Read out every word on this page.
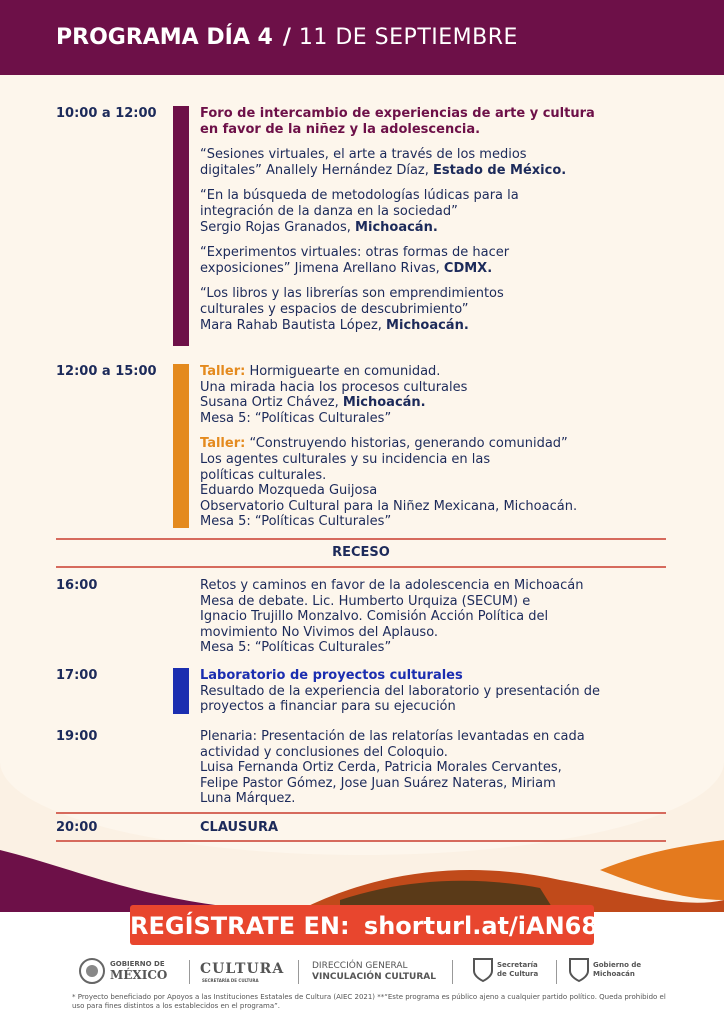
PROGRAMA DÍA 4 / 11 DE SEPTIEMBRE
10:00 a 12:00	Foro de intercambio de experiencias de arte y cultura

en favor de la niñez y la adolescencia.

“Sesiones virtuales, el arte a través de los medios

digitales” Anallely Hernández Díaz, Estado de México.

“En la búsqueda de metodologías lúdicas para la

integración de la danza en la sociedad”

Sergio Rojas Granados, Michoacán.

“Experimentos virtuales: otras formas de hacer

exposiciones” Jimena Arellano Rivas, CDMX.

“Los libros y las librerías son emprendimientos

culturales y espacios de descubrimiento”

Mara Rahab Bautista López, Michoacán.

12:00 a 15:00	Taller: Hormiguearte en comunidad.

Una mirada hacia los procesos culturales

Susana Ortiz Chávez, Michoacán.

Mesa 5: “Políticas Culturales”

Taller: “Construyendo historias, generando comunidad”

Los agentes culturales y su incidencia en las

políticas culturales.

Eduardo Mozqueda Guijosa

Observatorio Cultural para la Niñez Mexicana, Michoacán.

Mesa 5: “Políticas Culturales”

RECESO
16:00	Retos y caminos en favor de la adolescencia en Michoacán

Mesa de debate. Lic. Humberto Urquiza (SECUM) e

Ignacio Trujillo Monzalvo. Comisión Acción Política del

movimiento No Vivimos del Aplauso.

Mesa 5: “Políticas Culturales”

17:00	Laboratorio de proyectos culturales

Resultado de la experiencia del laboratorio y presentación de

proyectos a financiar para su ejecución

19:00	Plenaria: Presentación de las relatorías levantadas en cada

actividad y conclusiones del Coloquio.

Luisa Fernanda Ortiz Cerda, Patricia Morales Cervantes,

Felipe Pastor Gómez, Jose Juan Suárez Nateras, Miriam

Luna Márquez.

20:00	CLAUSURA
REGÍSTRATE EN: shorturl.at/iAN68
GOBIERNO DE
MÉXICO CULTURA
SECRETARÍA DE CULTURA
DIRECCIÓN GENERAL
VINCULACIÓN CULTURAL
Secretaría
de Cultura
Gobierno de
Michoacán
* Proyecto beneficiado por Apoyos a las Instituciones Estatales de Cultura (AIEC 2021) **“Este programa es público ajeno a cualquier partido político. Queda prohibido el uso para fines distintos a los establecidos en el programa”.
